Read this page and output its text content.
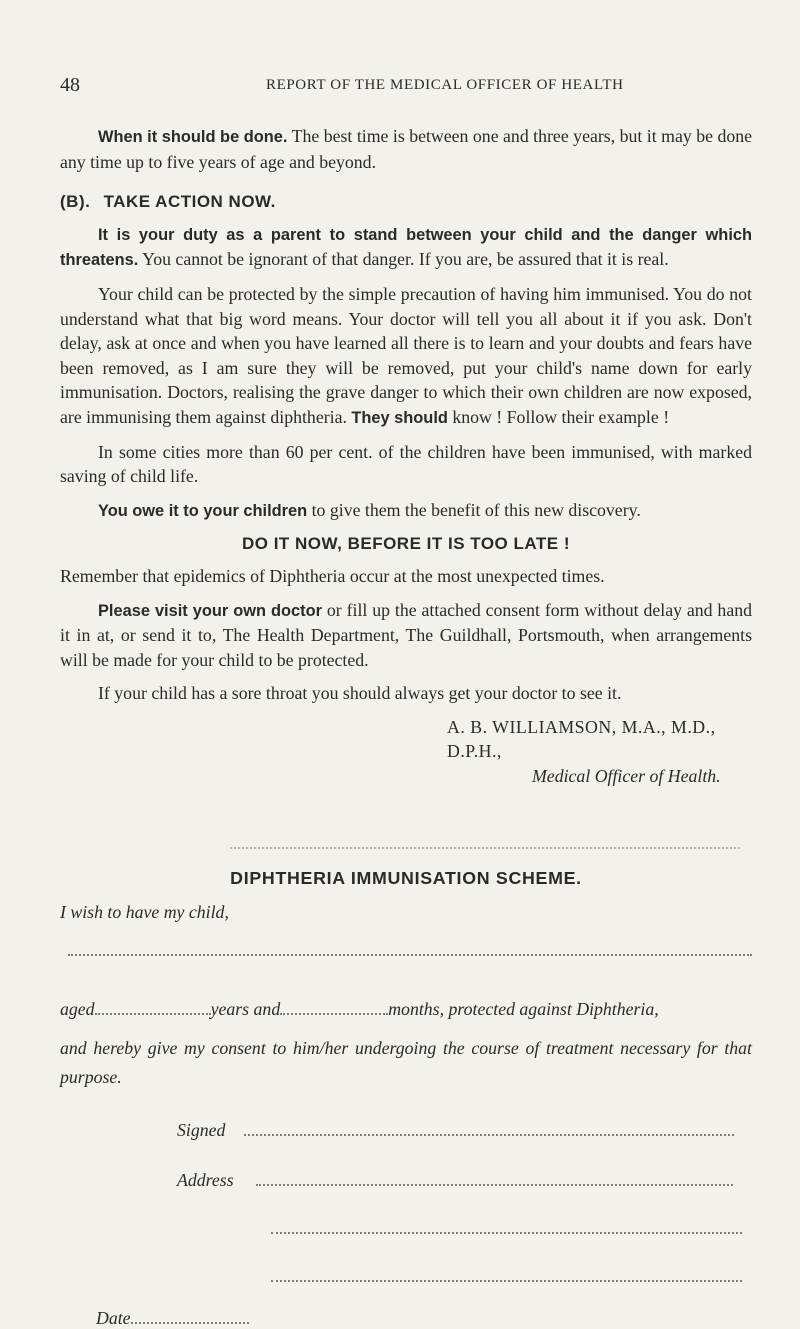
48	REPORT OF THE MEDICAL OFFICER OF HEALTH

When it should be done. The best time is between one and three years, but it may be done any time up to five years of age and beyond.

(B). TAKE ACTION NOW.

It is your duty as a parent to stand between your child and the danger which threatens. You cannot be ignorant of that danger. If you are, be assured that it is real.

Your child can be protected by the simple precaution of having him immunised. You do not understand what that big word means. Your doctor will tell you all about it if you ask. Don't delay, ask at once and when you have learned all there is to learn and your doubts and fears have been removed, as I am sure they will be removed, put your child's name down for early immunisation. Doctors, realising the grave danger to which their own children are now exposed, are immunising them against diphtheria. They should know ! Follow their example !

In some cities more than 60 per cent. of the children have been immunised, with marked saving of child life.

You owe it to your children to give them the benefit of this new discovery.

DO IT NOW, BEFORE IT IS TOO LATE !

Remember that epidemics of Diphtheria occur at the most unexpected times.

Please visit your own doctor or fill up the attached consent form without delay and hand it in at, or send it to, The Health Department, The Guildhall, Portsmouth, when arrangements will be made for your child to be protected.

If your child has a sore throat you should always get your doctor to see it.

A. B. WILLIAMSON, M.A., M.D., D.P.H.,
Medical Officer of Health.
DIPHTHERIA IMMUNISATION SCHEME.
I wish to have my child,
aged	years and	months, protected against Diphtheria,
and hereby give my consent to him/her undergoing the course of treatment necessary for that purpose.
Signed
Address
Date
